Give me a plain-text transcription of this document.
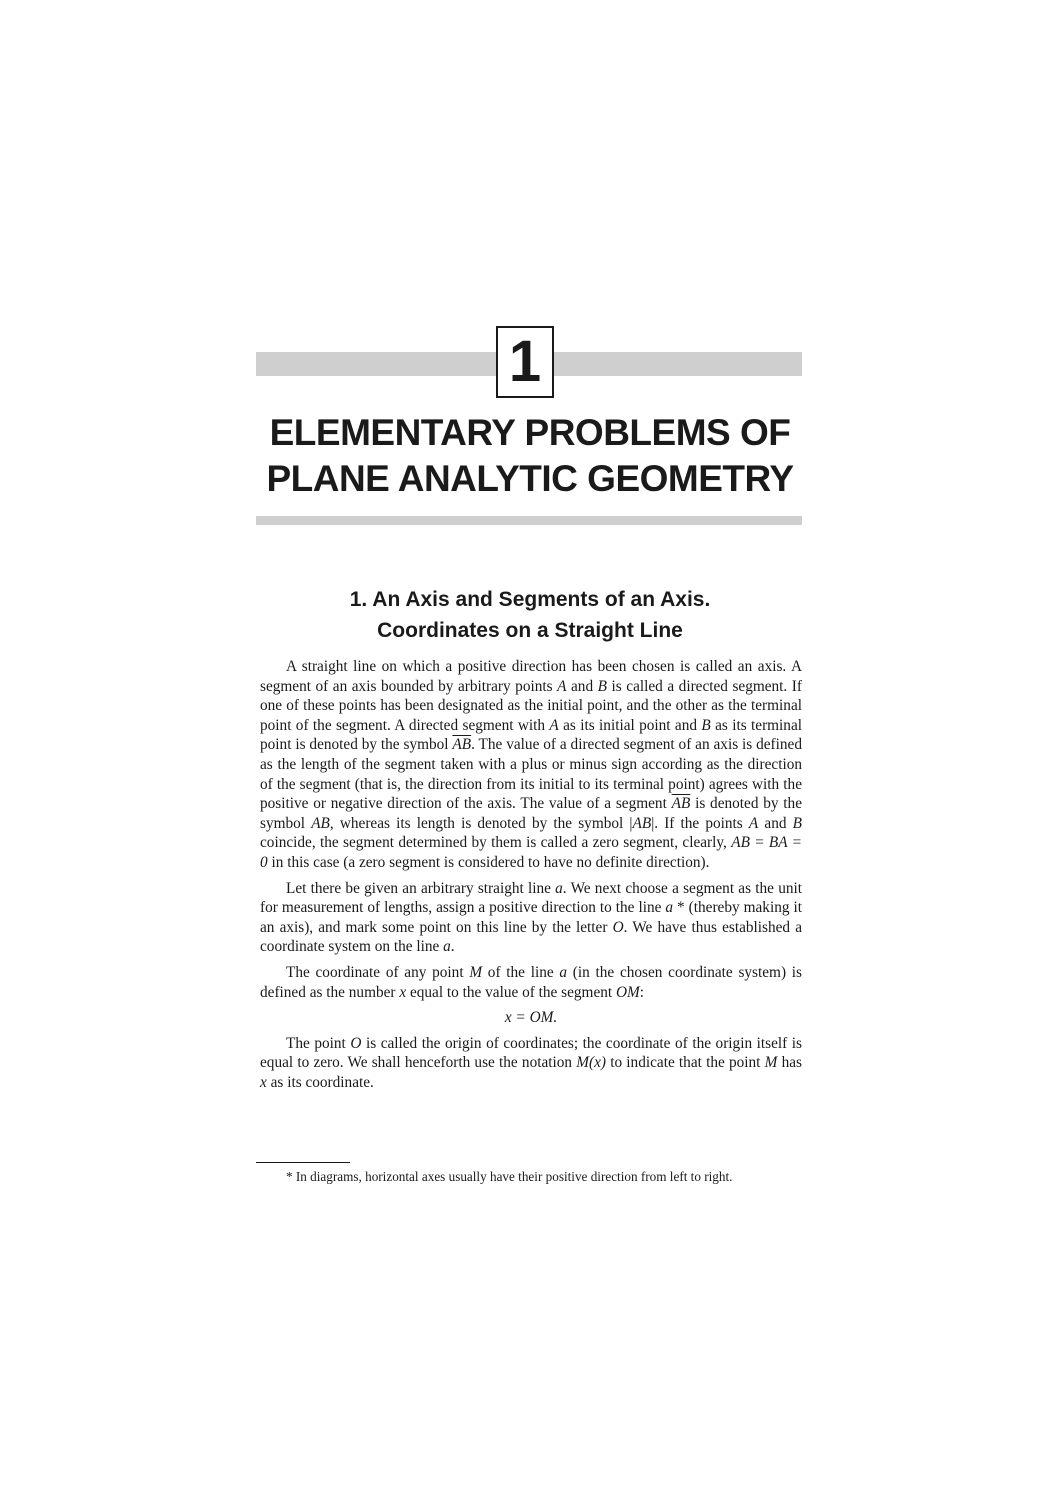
1
ELEMENTARY PROBLEMS OF
PLANE ANALYTIC GEOMETRY
1. An Axis and Segments of an Axis.
Coordinates on a Straight Line

A straight line on which a positive direction has been chosen is called an axis. A segment of an axis bounded by arbitrary points A and B is called a directed segment. If one of these points has been designated as the initial point, and the other as the terminal point of the segment. A directed segment with A as its initial point and B as its terminal point is denoted by the symbol $\overline{AB}$. The value of a directed segment of an axis is defined as the length of the segment taken with a plus or minus sign according as the direction of the segment (that is, the direction from its initial to its terminal point) agrees with the positive or negative direction of the axis. The value of a segment $\overline{AB}$ is denoted by the symbol AB, whereas its length is denoted by the symbol |AB|. If the points A and B coincide, the segment determined by them is called a zero segment, clearly, AB = BA = 0 in this case (a zero segment is considered to have no definite direction).

Let there be given an arbitrary straight line a. We next choose a segment as the unit for measurement of lengths, assign a positive direction to the line a * (thereby making it an axis), and mark some point on this line by the letter O. We have thus established a coordinate system on the line a.

The coordinate of any point M of the line a (in the chosen coordinate system) is defined as the number x equal to the value of the segment OM:

x = OM.

The point O is called the origin of coordinates; the coordinate of the origin itself is equal to zero. We shall henceforth use the notation M(x) to indicate that the point M has x as its coordinate.

* In diagrams, horizontal axes usually have their positive direction from left to right.
